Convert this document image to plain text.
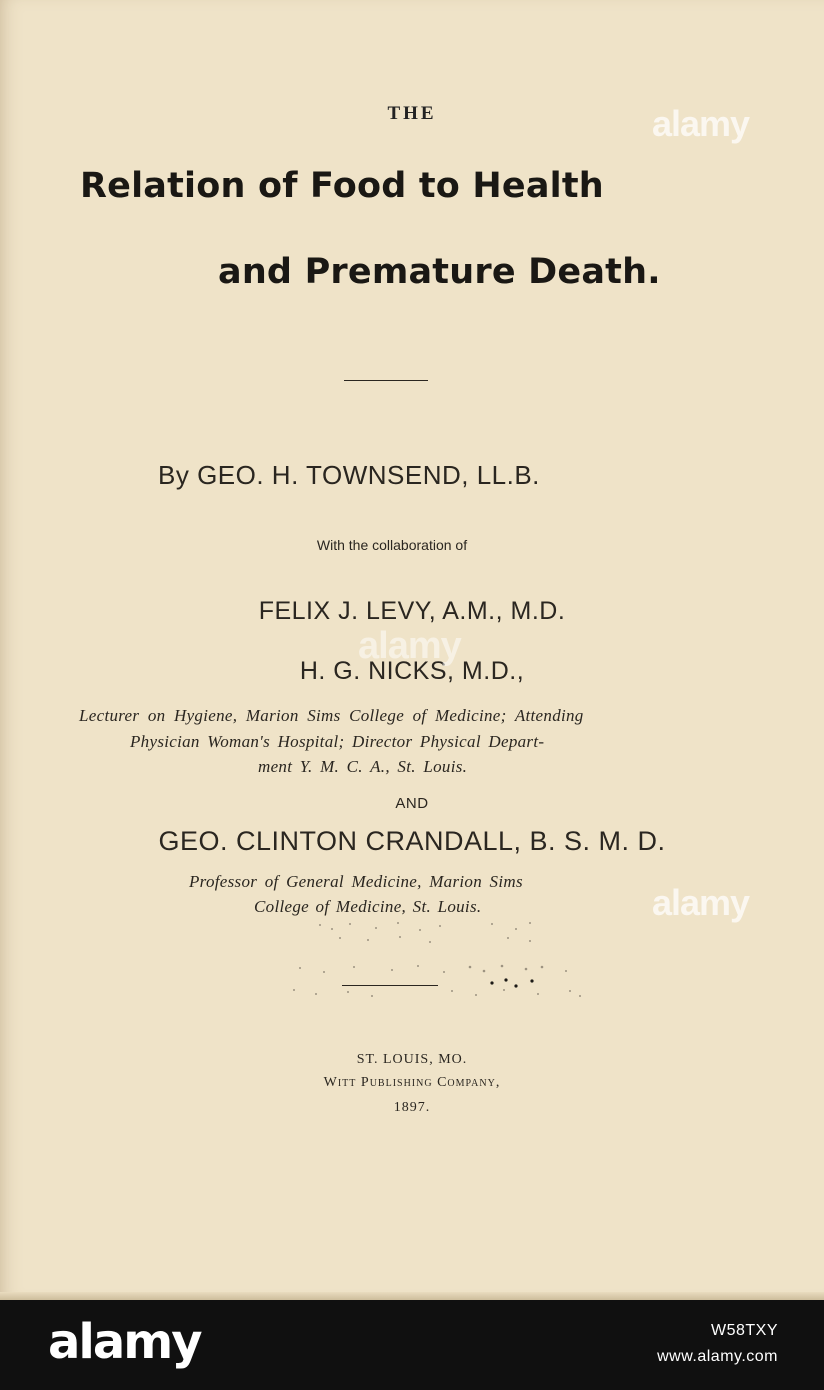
THE
Relation of Food to Health
and Premature Death.
By GEO. H. TOWNSEND, LL.B.
With the collaboration of
FELIX J. LEVY, A.M., M.D.
H. G. NICKS, M.D.,
Lecturer on Hygiene, Marion Sims College of Medicine; Attending
Physician Woman's Hospital; Director Physical Depart-
ment Y. M. C. A., St. Louis.
AND
GEO. CLINTON CRANDALL, B. S. M. D.
Professor of General Medicine, Marion Sims
College of Medicine, St. Louis.
ST. LOUIS, MO.
Witt Publishing Company,
1897.
alamy
alamy
alamy
alamy	W58TXY
www.alamy.com
